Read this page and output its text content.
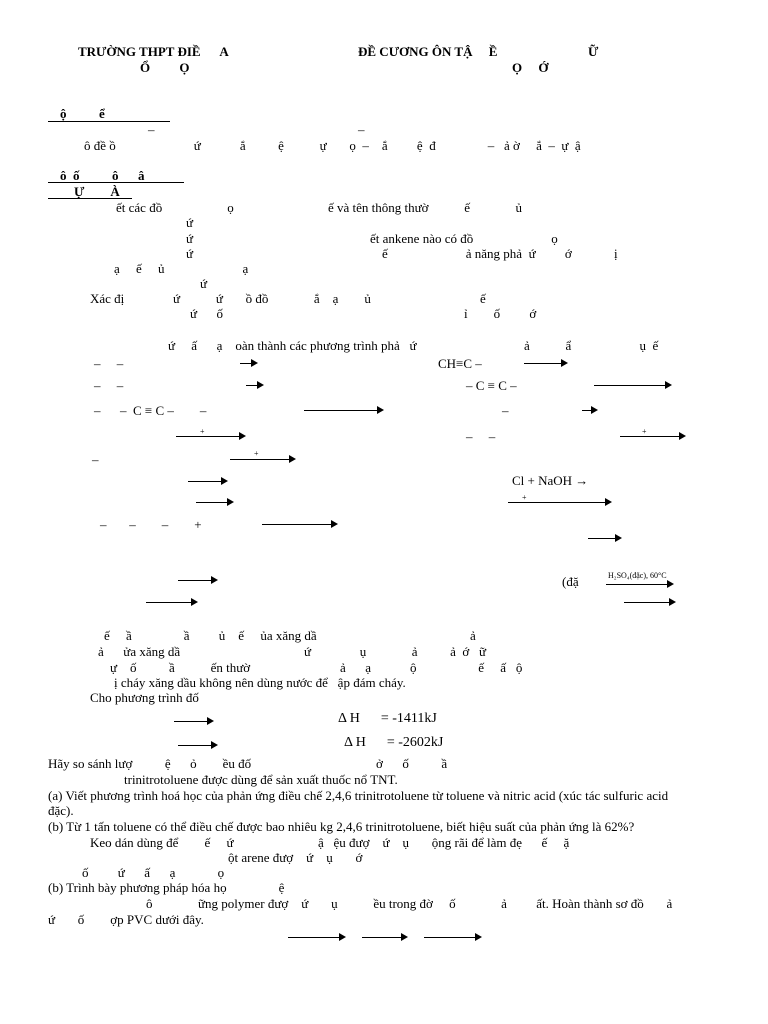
TRƯỜNG THPT ĐIỀ      A
Ổ         Ọ
ĐỀ CƯƠNG ÔN TẬ     Ề	Ữ
Ọ     Ớ
ộ          ể
–	–
ô đề ồ                        ứ            ắ          ệ           ự       ọ  –    ắ         ệ  đ                –   ả ờ     ắ  –  ự  ậ
ô  ố          ô      â
Ự        À
ết các đồ                    ọ                             ế và tên thông thườ           ế              ủ
ứ
ứ	ết ankene nào có đồ                        ọ
ứ	ế                        ả năng phả  ứ         ớ             ị
ạ     ế     ủ                        ạ
ứ
Xác đị               ứ           ứ       ồ đồ              ắ    ạ        ủ	ế
ứ      ố	ỉ        ố         ớ
ứ     ấ      ạ    oàn thành các phương trình phả   ứ	ả           ẩ                     ụ  ế
–     –	CH≡C –
–     –	– C ≡ C –
–      –  C ≡ C –        –	–
+	–     –	+
–	+
Cl + NaOH →
+
–       –        –        +
(đặ	H₂SO₄(đặc), 60°C
ế     ầ                ầ         ủ    ế     ủa xăng dầ	ả
ả      ửa xăng dầ	ứ               ụ              ả          ả  ớ   ữ
ự    ố          ầ           ến thườ	ả      ạ            ộ                   ế     ấ   ộ
ị cháy xăng dầu không nên dùng nước để   ập đám cháy.
Cho phương trình đố
Δ H      = -1411kJ
Δ H      = -2602kJ
Hãy so sánh lượ          ệ      ỏ        ều đố	ở      ố          ầ
trinitrotoluene được dùng để sản xuất thuốc nổ TNT.
(a) Viết phương trình hoá học của phản ứng điều chế 2,4,6 trinitrotoluene từ toluene và nitric acid (xúc tác sulfuric acid
đặc).
(b) Từ 1 tấn toluene có thể điều chế được bao nhiêu kg 2,4,6 trinitrotoluene, biết hiệu suất của phản ứng là 62%?
Keo dán dùng để        ế     ứ                          ậ   ệu đượ    ứ    ụ       ộng rãi để làm đẹ      ế     ặ
ột arene đượ    ứ    ụ       ớ
ố         ứ      ấ      ạ             ọ
(b) Trình bày phương pháp hóa họ                ệ
ô              ững polymer đượ    ứ       ụ           ều trong đờ     ố              ả         ất. Hoàn thành sơ đồ       ả
ứ       ố        ợp PVC dưới đây.
